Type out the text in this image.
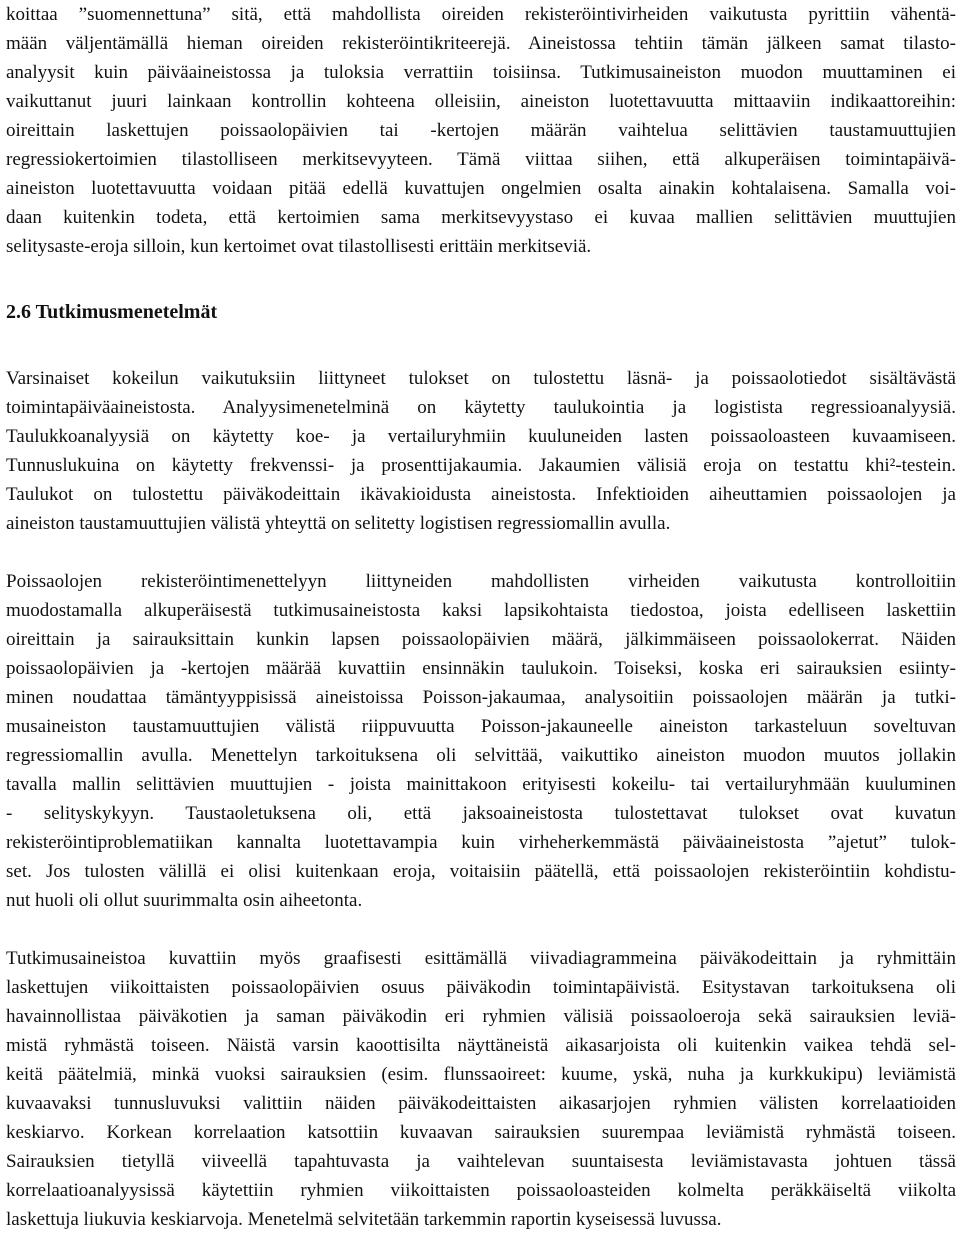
koittaa ”suomennettuna” sitä, että mahdollista oireiden rekisteröintivirheiden vaikutusta pyrittiin vähentä-
mään väljentämällä hieman oireiden rekisteröintikriteerejä. Aineistossa tehtiin tämän jälkeen samat tilasto-
analyysit kuin päiväaineistossa ja tuloksia verrattiin toisiinsa. Tutkimusaineiston muodon muuttaminen ei
vaikuttanut juuri lainkaan kontrollin kohteena olleisiin, aineiston luotettavuutta mittaaviin indikaattoreihin:
oireittain laskettujen poissaolopäivien tai -kertojen määrän vaihtelua selittävien taustamuuttujien
regressiokertoimien tilastolliseen merkitsevyyteen. Tämä viittaa siihen, että alkuperäisen toimintapäivä-
aineiston luotettavuutta voidaan pitää edellä kuvattujen ongelmien osalta ainakin kohtalaisena. Samalla voi-
daan kuitenkin todeta, että kertoimien sama merkitsevyystaso ei kuvaa mallien selittävien muuttujien
selitysaste-eroja silloin, kun kertoimet ovat tilastollisesti erittäin merkitseviä.
2.6 Tutkimusmenetelmät
Varsinaiset kokeilun vaikutuksiin liittyneet tulokset on tulostettu läsnä- ja poissaolotiedot sisältävästä
toimintapäiväaineistosta. Analyysimenetelminä on käytetty taulukointia ja logistista regressioanalyysiä.
Taulukkoanalyysiä on käytetty koe- ja vertailuryhmiin kuuluneiden lasten poissaoloasteen kuvaamiseen.
Tunnuslukuina on käytetty frekvenssi- ja prosenttijakaumia. Jakaumien välisiä eroja on testattu khi²-testein.
Taulukot on tulostettu päiväkodeittain ikävakioidusta aineistosta. Infektioiden aiheuttamien poissaolojen ja
aineiston taustamuuttujien välistä yhteyttä on selitetty logistisen regressiomallin avulla.
Poissaolojen rekisteröintimenettelyyn liittyneiden mahdollisten virheiden vaikutusta kontrolloitiin
muodostamalla alkuperäisestä tutkimusaineistosta kaksi lapsikohtaista tiedostoa, joista edelliseen laskettiin
oireittain ja sairauksittain kunkin lapsen poissaolopäivien määrä, jälkimmäiseen poissaolokerrat. Näiden
poissaolopäivien ja -kertojen määrää kuvattiin ensinnäkin taulukoin. Toiseksi, koska eri sairauksien esiinty-
minen noudattaa tämäntyyppisissä aineistoissa Poisson-jakaumaa, analysoitiin poissaolojen määrän ja tutki-
musaineiston taustamuuttujien välistä riippuvuutta Poisson-jakauneelle aineiston tarkasteluun soveltuvan
regressiomallin avulla. Menettelyn tarkoituksena oli selvittää, vaikuttiko aineiston muodon muutos jollakin
tavalla mallin selittävien muuttujien - joista mainittakoon erityisesti kokeilu- tai vertailuryhmään kuuluminen
- selityskykyyn. Taustaoletuksena oli, että jaksoaineistosta tulostettavat tulokset ovat kuvatun
rekisteröintiproblematiikan kannalta luotettavampia kuin virheherkemmästä päiväaineistosta ”ajetut” tulok-
set. Jos tulosten välillä ei olisi kuitenkaan eroja, voitaisiin päätellä, että poissaolojen rekisteröintiin kohdistu-
nut huoli oli ollut suurimmalta osin aiheetonta.
Tutkimusaineistoa kuvattiin myös graafisesti esittämällä viivadiagrammeina päiväkodeittain ja ryhmittäin
laskettujen viikoittaisten poissaolopäivien osuus päiväkodin toimintapäivistä. Esitystavan tarkoituksena oli
havainnollistaa päiväkotien ja saman päiväkodin eri ryhmien välisiä poissaoloeroja sekä sairauksien leviä-
mistä ryhmästä toiseen. Näistä varsin kaoottisilta näyttäneistä aikasarjoista oli kuitenkin vaikea tehdä sel-
keitä päätelmiä, minkä vuoksi sairauksien (esim. flunssaoireet: kuume, yskä, nuha ja kurkkukipu) leviämistä
kuvaavaksi tunnusluvuksi valittiin näiden päiväkodeittaisten aikasarjojen ryhmien välisten korrelaatioiden
keskiarvo. Korkean korrelaation katsottiin kuvaavan sairauksien suurempaa leviämistä ryhmästä toiseen.
Sairauksien tietyllä viiveellä tapahtuvasta ja vaihtelevan suuntaisesta leviämistavasta johtuen tässä
korrelaatioanalyysissä käytettiin ryhmien viikoittaisten poissaoloasteiden kolmelta peräkkäiseltä viikolta
laskettuja liukuvia keskiarvoja. Menetelmä selvitetään tarkemmin raportin kyseisessä luvussa.
